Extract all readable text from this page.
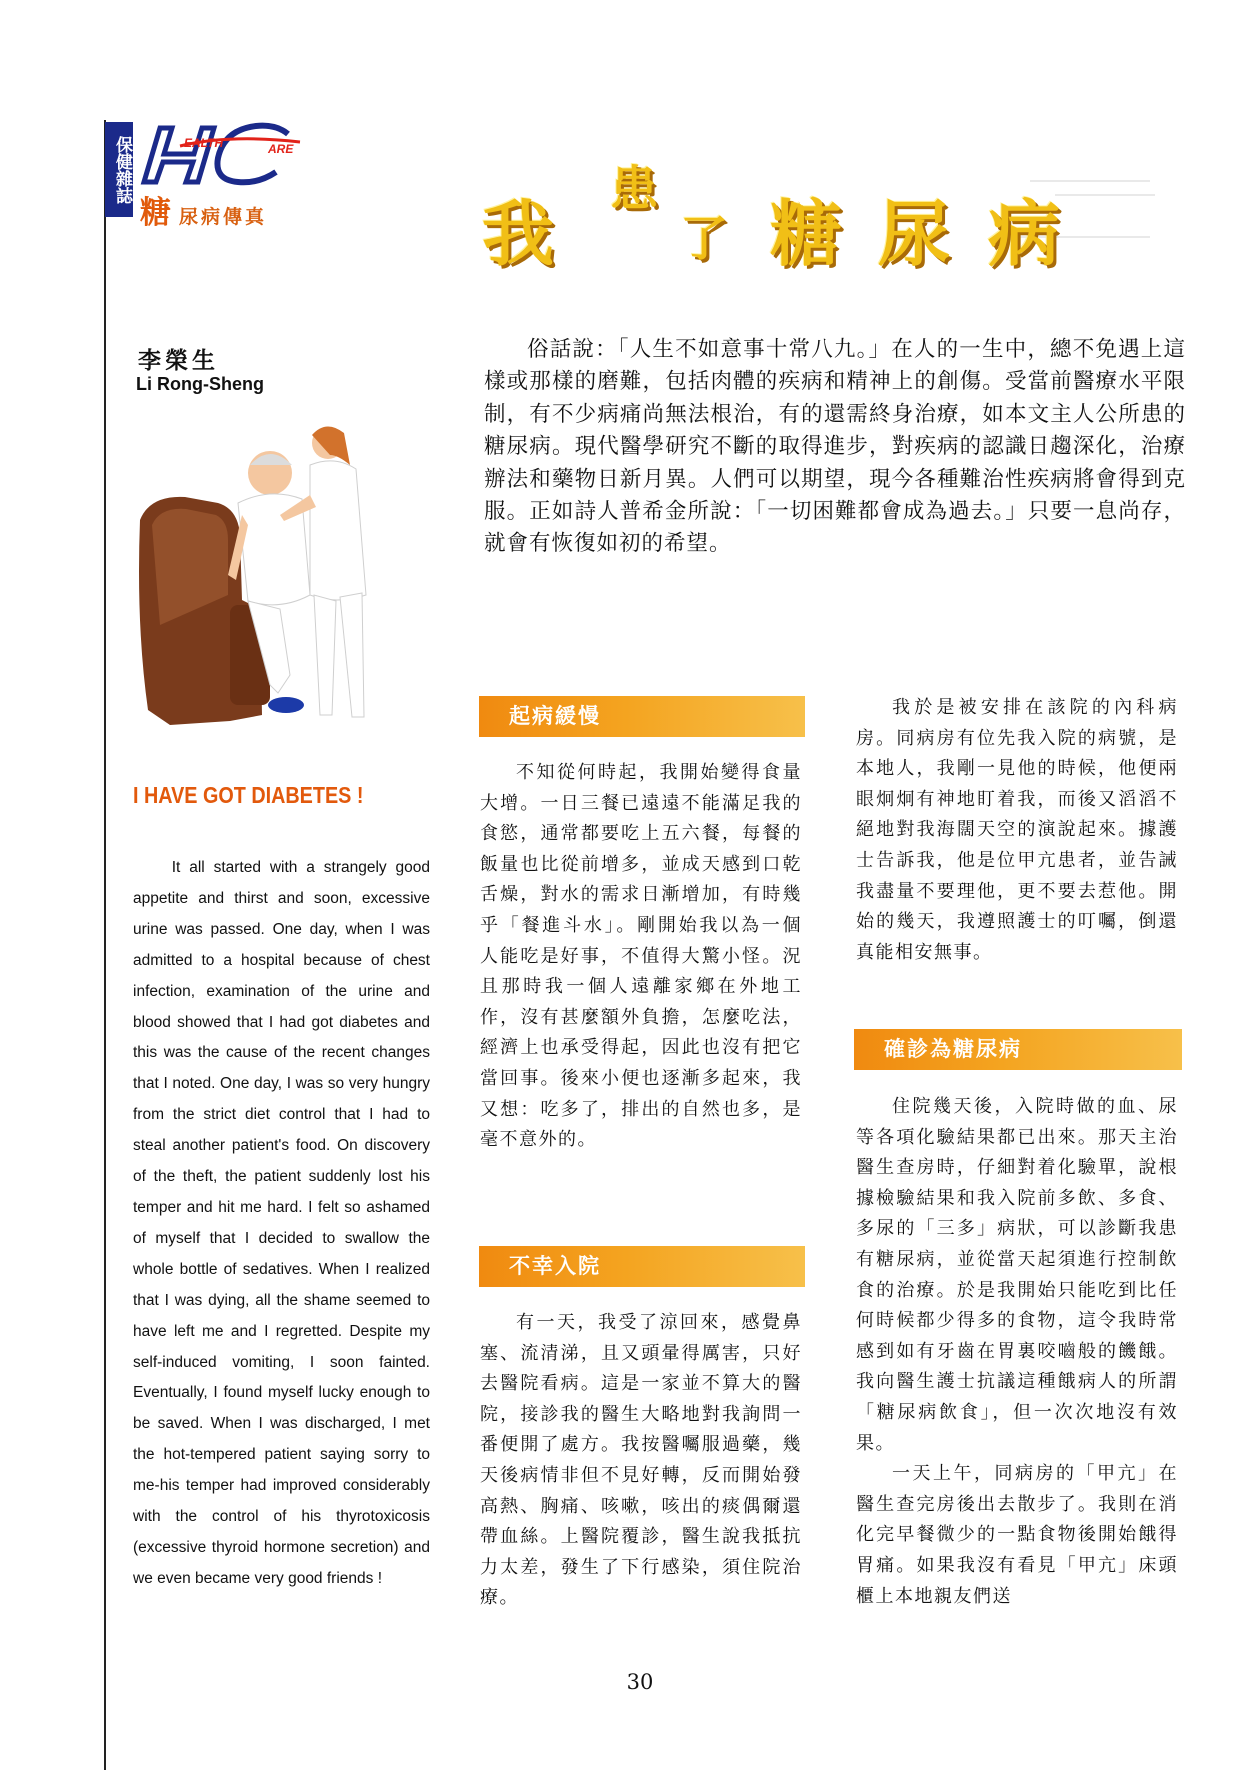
保健雜誌	EALTH	ARE
糖尿病傳真	我
患
了 糖 尿 病
李榮生
Li Rong-Sheng
俗話說：「人生不如意事十常八九。」在人的一生中，總不免遇上這樣或那樣的磨難，包括肉體的疾病和精神上的創傷。受當前醫療水平限制，有不少病痛尚無法根治，有的還需終身治療，如本文主人公所患的糖尿病。現代醫學研究不斷的取得進步，對疾病的認識日趨深化，治療辦法和藥物日新月異。人們可以期望，現今各種難治性疾病將會得到克服。正如詩人普希金所說：「一切困難都會成為過去。」只要一息尚存，就會有恢復如初的希望。
I HAVE GOT DIABETES !
It all started with a strangely good appetite and thirst and soon, excessive urine was passed. One day, when I was admitted to a hospital because of chest infection, examination of the urine and blood showed that I had got diabetes and this was the cause of the recent changes that I noted. One day, I was so very hungry from the strict diet control that I had to steal another patient's food. On discovery of the theft, the patient suddenly lost his temper and hit me hard. I felt so ashamed of myself that I decided to swallow the whole bottle of sedatives. When I realized that I was dying, all the shame seemed to have left me and I regretted. Despite my self-induced vomiting, I soon fainted. Eventually, I found myself lucky enough to be saved. When I was discharged, I met the hot-tempered patient saying sorry to me-his temper had improved considerably with the control of his thyrotoxicosis (excessive thyroid hormone secretion) and we even became very good friends !
起病緩慢

不知從何時起，我開始變得食量大增。一日三餐已遠遠不能滿足我的食慾，通常都要吃上五六餐，每餐的飯量也比從前增多，並成天感到口乾舌燥，對水的需求日漸增加，有時幾乎「餐進斗水」。剛開始我以為一個人能吃是好事，不值得大驚小怪。況且那時我一個人遠離家鄉在外地工作，沒有甚麼額外負擔，怎麼吃法，經濟上也承受得起，因此也沒有把它當回事。後來小便也逐漸多起來，我又想：吃多了，排出的自然也多，是毫不意外的。

不幸入院

有一天，我受了涼回來，感覺鼻塞、流清涕，且又頭暈得厲害，只好去醫院看病。這是一家並不算大的醫院，接診我的醫生大略地對我詢問一番便開了處方。我按醫囑服過藥，幾天後病情非但不見好轉，反而開始發高熱、胸痛、咳嗽，咳出的痰偶爾還帶血絲。上醫院覆診，醫生說我抵抗力太差，發生了下行感染，須住院治療。

我於是被安排在該院的內科病房。同病房有位先我入院的病號，是本地人，我剛一見他的時候，他便兩眼炯炯有神地盯着我，而後又滔滔不絕地對我海闊天空的演說起來。據護士告訴我，他是位甲亢患者，並告誡我盡量不要理他，更不要去惹他。開始的幾天，我遵照護士的叮囑，倒還真能相安無事。

確診為糖尿病

住院幾天後，入院時做的血、尿等各項化驗結果都已出來。那天主治醫生查房時，仔細對着化驗單，說根據檢驗結果和我入院前多飲、多食、多尿的「三多」病狀，可以診斷我患有糖尿病，並從當天起須進行控制飲食的治療。於是我開始只能吃到比任何時候都少得多的食物，這令我時常感到如有牙齒在胃裏咬嚙般的饑餓。我向醫生護士抗議這種餓病人的所謂「糖尿病飲食」，但一次次地沒有效果。

一天上午，同病房的「甲亢」在醫生查完房後出去散步了。我則在消化完早餐微少的一點食物後開始餓得胃痛。如果我沒有看見「甲亢」床頭櫃上本地親友們送

30
